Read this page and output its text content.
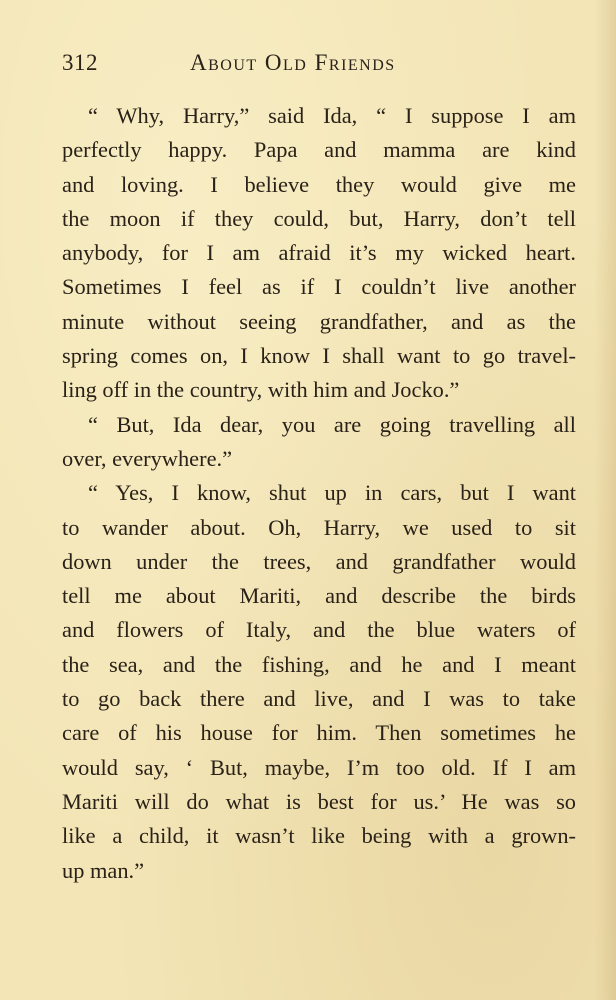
312	About Old Friends
“ Why, Harry,” said Ida, “ I suppose I am
perfectly happy. Papa and mamma are kind
and loving. I believe they would give me
the moon if they could, but, Harry, don’t tell
anybody, for I am afraid it’s my wicked heart.
Sometimes I feel as if I couldn’t live another
minute without seeing grandfather, and as the
spring comes on, I know I shall want to go travel-
ling off in the country, with him and Jocko.”
“ But, Ida dear, you are going travelling all
over, everywhere.”
“ Yes, I know, shut up in cars, but I want
to wander about. Oh, Harry, we used to sit
down under the trees, and grandfather would
tell me about Mariti, and describe the birds
and flowers of Italy, and the blue waters of
the sea, and the fishing, and he and I meant
to go back there and live, and I was to take
care of his house for him. Then sometimes he
would say, ‘ But, maybe, I’m too old. If I am
Mariti will do what is best for us.’ He was so
like a child, it wasn’t like being with a grown-
up man.”
